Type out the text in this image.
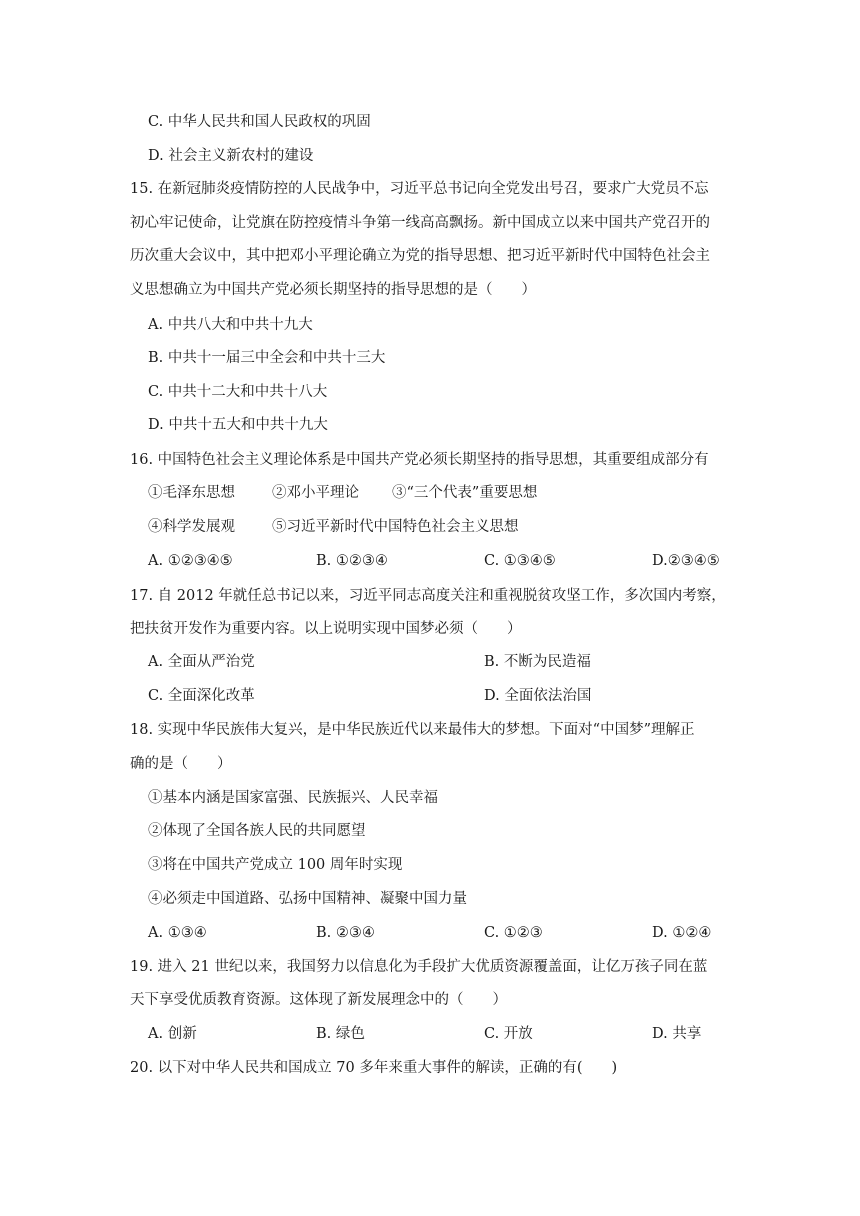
C. 中华人民共和国人民政权的巩固
D. 社会主义新农村的建设
15. 在新冠肺炎疫情防控的人民战争中，习近平总书记向全党发出号召，要求广大党员不忘
初心牢记使命，让党旗在防控疫情斗争第一线高高飘扬。新中国成立以来中国共产党召开的
历次重大会议中，其中把邓小平理论确立为党的指导思想、把习近平新时代中国特色社会主
义思想确立为中国共产党必须长期坚持的指导思想的是（　　）
A. 中共八大和中共十九大
B. 中共十一届三中全会和中共十三大
C. 中共十二大和中共十八大
D. 中共十五大和中共十九大
16. 中国特色社会主义理论体系是中国共产党必须长期坚持的指导思想，其重要组成部分有
①毛泽东思想	②邓小平理论 ③“三个代表”重要思想
④科学发展观	⑤习近平新时代中国特色社会主义思想
A. ①②③④⑤	B. ①②③④	C. ①③④⑤	D.②③④⑤
17. 自 2012 年就任总书记以来，习近平同志高度关注和重视脱贫攻坚工作，多次国内考察，
把扶贫开发作为重要内容。以上说明实现中国梦必须（　　）
A. 全面从严治党	B. 不断为民造福
C. 全面深化改革	D. 全面依法治国
18. 实现中华民族伟大复兴，是中华民族近代以来最伟大的梦想。下面对“中国梦”理解正
确的是（　　）
①基本内涵是国家富强、民族振兴、人民幸福
②体现了全国各族人民的共同愿望
③将在中国共产党成立 100 周年时实现
④必须走中国道路、弘扬中国精神、凝聚中国力量
A. ①③④	B. ②③④	C. ①②③	D. ①②④
19. 进入 21 世纪以来，我国努力以信息化为手段扩大优质资源覆盖面，让亿万孩子同在蓝
天下享受优质教育资源。这体现了新发展理念中的（　　）
A. 创新	B. 绿色	C. 开放	D. 共享
20. 以下对中华人民共和国成立 70 多年来重大事件的解读，正确的有(　　)
